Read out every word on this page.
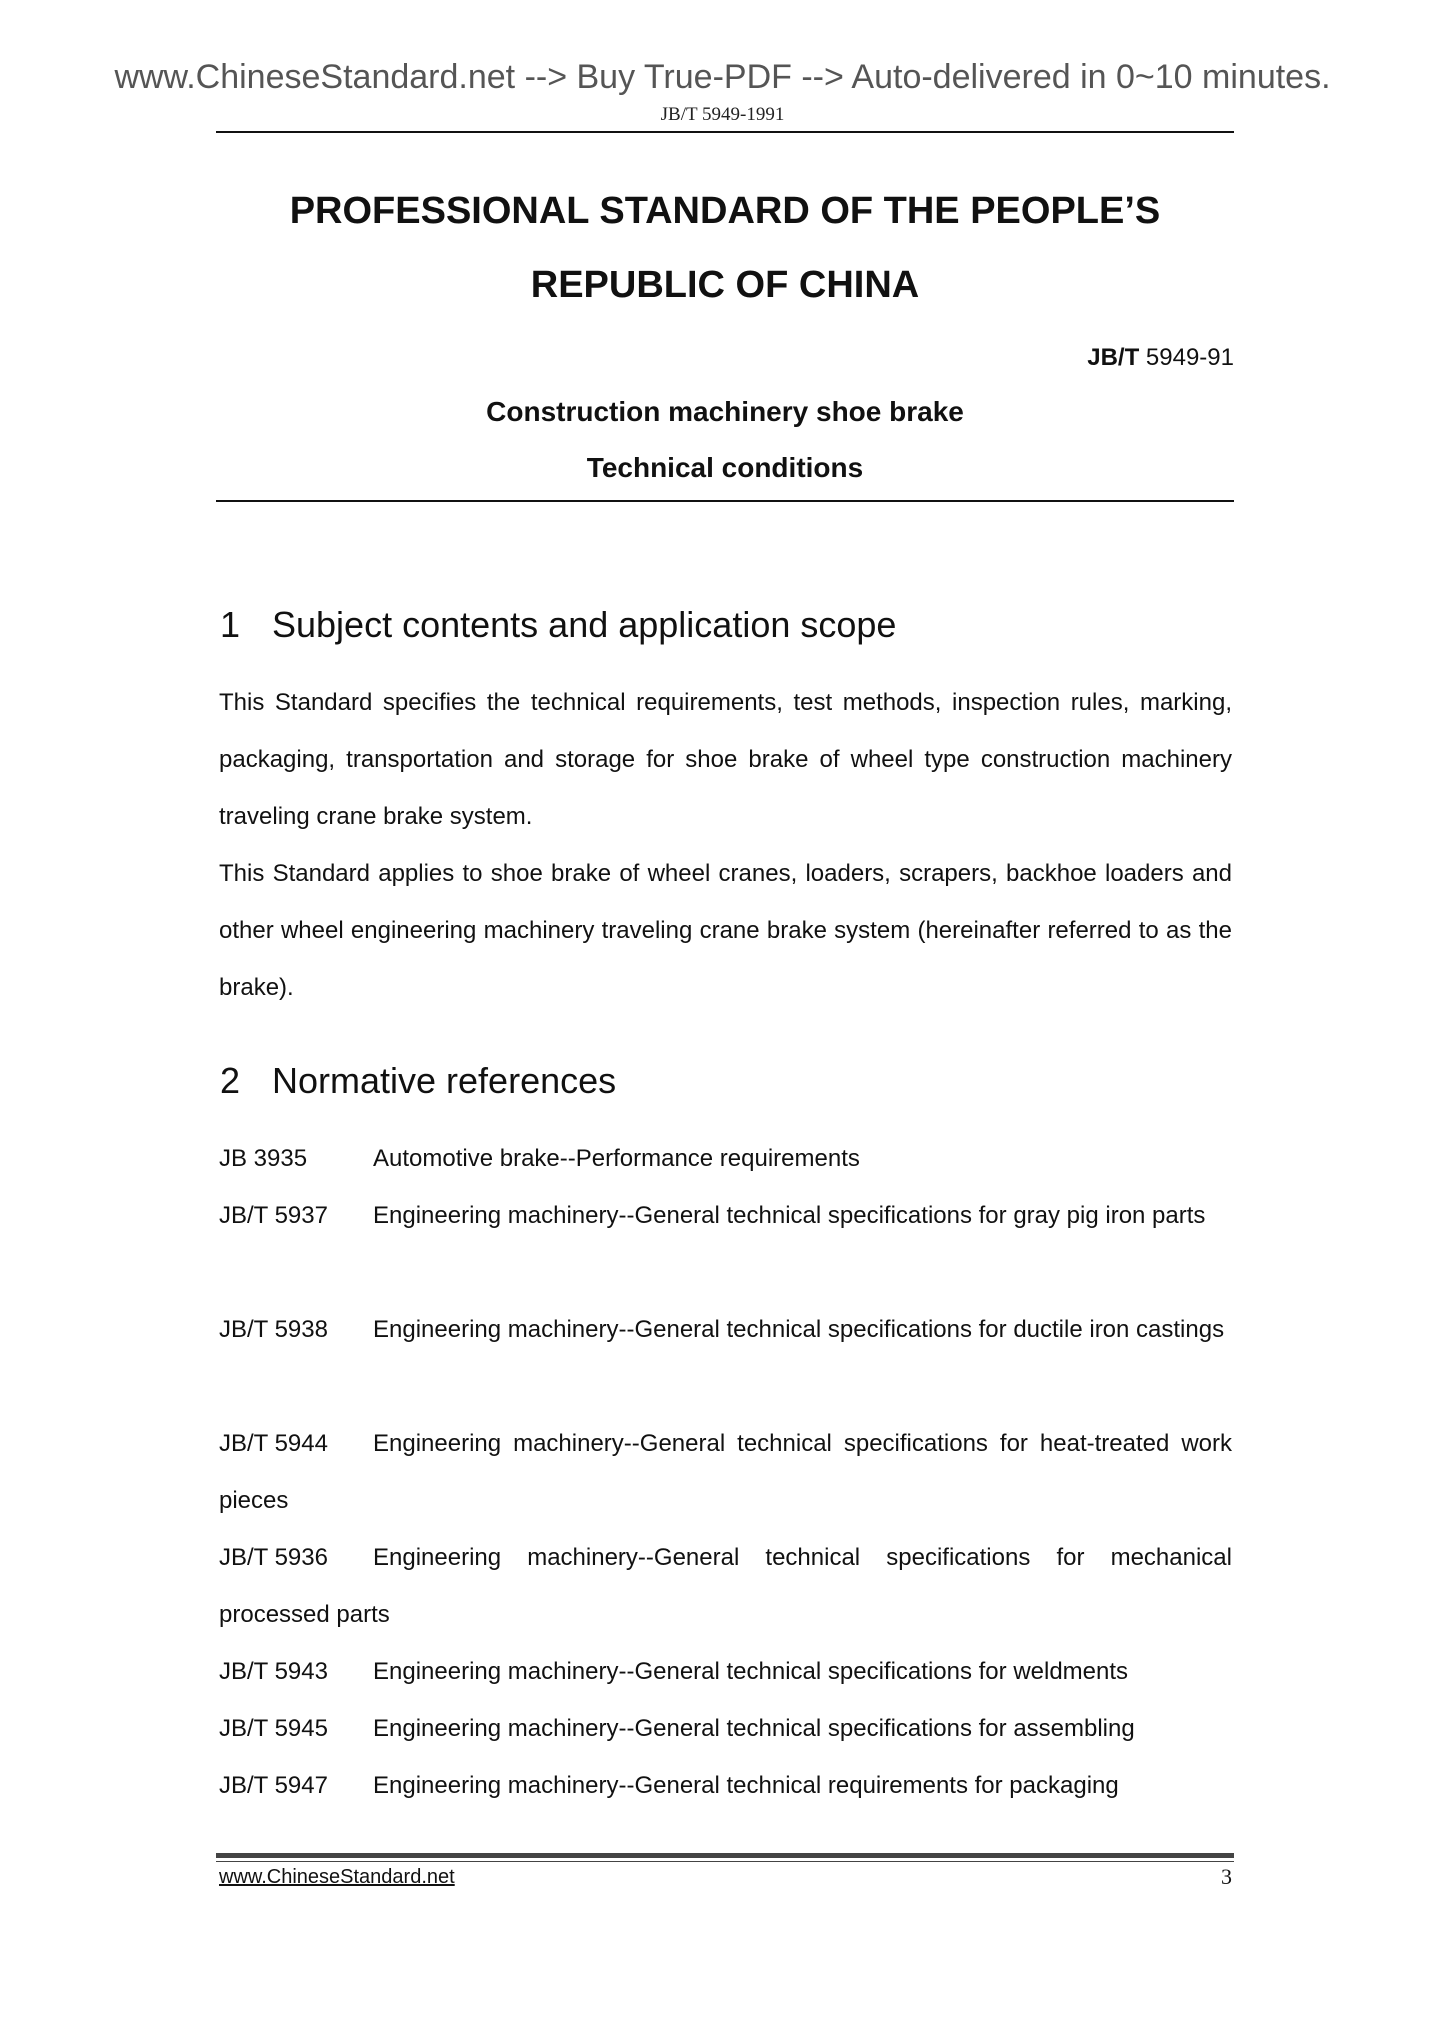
www.ChineseStandard.net --> Buy True-PDF --> Auto-delivered in 0~10 minutes.
JB/T 5949-1991
PROFESSIONAL STANDARD OF THE PEOPLE’S
REPUBLIC OF CHINA
JB/T 5949-91
Construction machinery shoe brake
Technical conditions
1 Subject contents and application scope
This Standard specifies the technical requirements, test methods, inspection rules, marking, packaging, transportation and storage for shoe brake of wheel type construction machinery traveling crane brake system.
This Standard applies to shoe brake of wheel cranes, loaders, scrapers, backhoe loaders and other wheel engineering machinery traveling crane brake system (hereinafter referred to as the brake).
2 Normative references
JB 3935	Automotive brake--Performance requirements
JB/T 5937	Engineering machinery--General technical specifications for gray pig iron parts
JB/T 5938	Engineering machinery--General technical specifications for ductile iron castings
JB/T 5944	Engineering machinery--General technical specifications for heat-treated work pieces
JB/T 5936	Engineering machinery--General technical specifications for mechanical processed parts
JB/T 5943	Engineering machinery--General technical specifications for weldments
JB/T 5945	Engineering machinery--General technical specifications for assembling
JB/T 5947	Engineering machinery--General technical requirements for packaging
www.ChineseStandard.net	3
